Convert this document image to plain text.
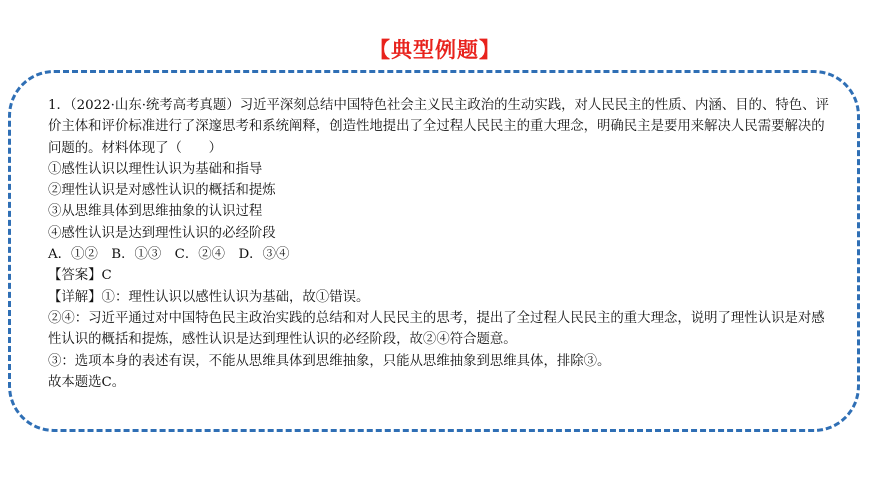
【典型例题】

1．（2022·山东·统考高考真题）习近平深刻总结中国特色社会主义民主政治的生动实践，对人民民主的性质、内涵、目的、特色、评价主体和评价标准进行了深邃思考和系统阐释，创造性地提出了全过程人民民主的重大理念，明确民主是要用来解决人民需要解决的问题的。材料体现了（　　）

①感性认识以理性认识为基础和指导

②理性认识是对感性认识的概括和提炼

③从思维具体到思维抽象的认识过程

④感性认识是达到理性认识的必经阶段

A．①②　B．①③　C．②④　D．③④

【答案】C

【详解】①：理性认识以感性认识为基础，故①错误。

②④：习近平通过对中国特色民主政治实践的总结和对人民民主的思考，提出了全过程人民民主的重大理念，说明了理性认识是对感性认识的概括和提炼，感性认识是达到理性认识的必经阶段，故②④符合题意。

③：选项本身的表述有误，不能从思维具体到思维抽象，只能从思维抽象到思维具体，排除③。

故本题选C。
